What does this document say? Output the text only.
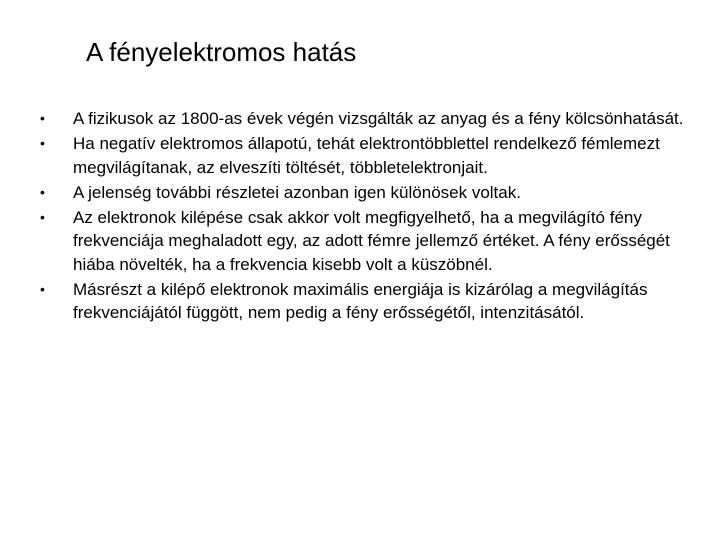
A fényelektromos hatás
• A fizikusok az 1800-as évek végén vizsgálták az anyag és a fény kölcsönhatását.
• Ha negatív elektromos állapotú, tehát elektrontöbblettel rendelkező fémlemezt megvilágítanak, az elveszíti töltését, többletelektronjait.
• A jelenség további részletei azonban igen különösek voltak.
• Az elektronok kilépése csak akkor volt megfigyelhető, ha a megvilágító fény frekvenciája meghaladott egy, az adott fémre jellemző értéket. A fény erősségét hiába növelték, ha a frekvencia kisebb volt a küszöbnél.
• Másrészt a kilépő elektronok maximális energiája is kizárólag a megvilágítás frekvenciájától függött, nem pedig a fény erősségétől, intenzitásától.
